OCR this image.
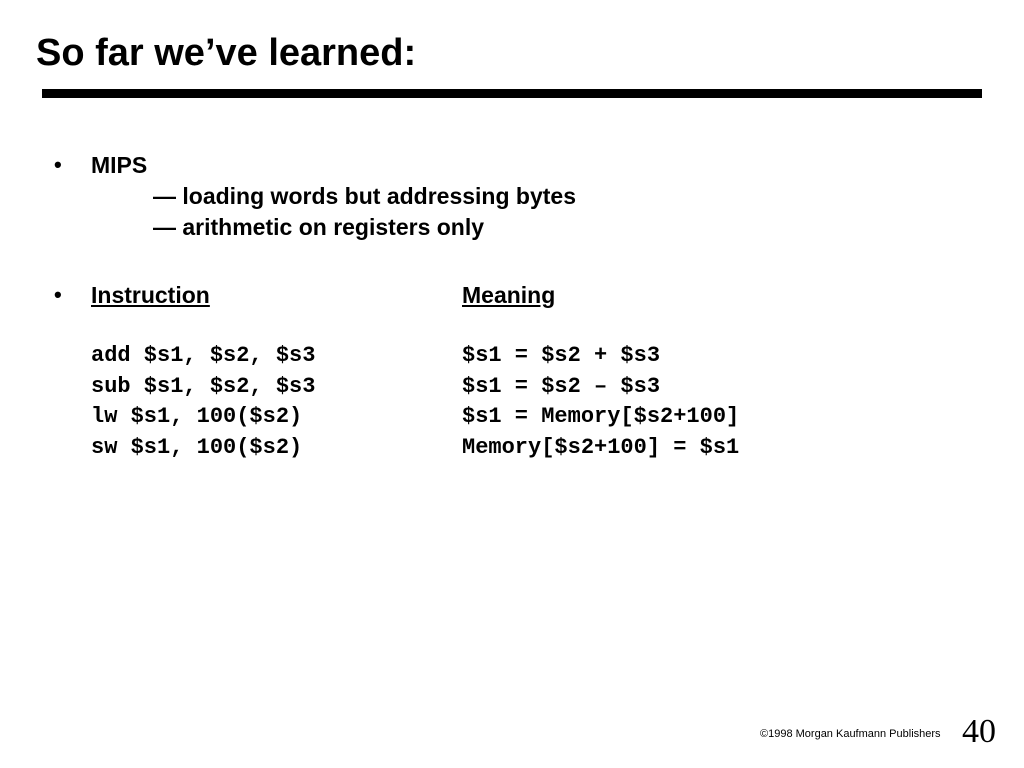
So far we’ve learned:
• MIPS
— loading words but addressing bytes
— arithmetic on registers only
• Instruction	Meaning
add $s1, $s2, $s3	$s1 = $s2 + $s3
sub $s1, $s2, $s3	$s1 = $s2 – $s3
lw $s1, 100($s2)	$s1 = Memory[$s2+100]
sw $s1, 100($s2)	Memory[$s2+100] = $s1
©1998 Morgan Kaufmann Publishers 40
